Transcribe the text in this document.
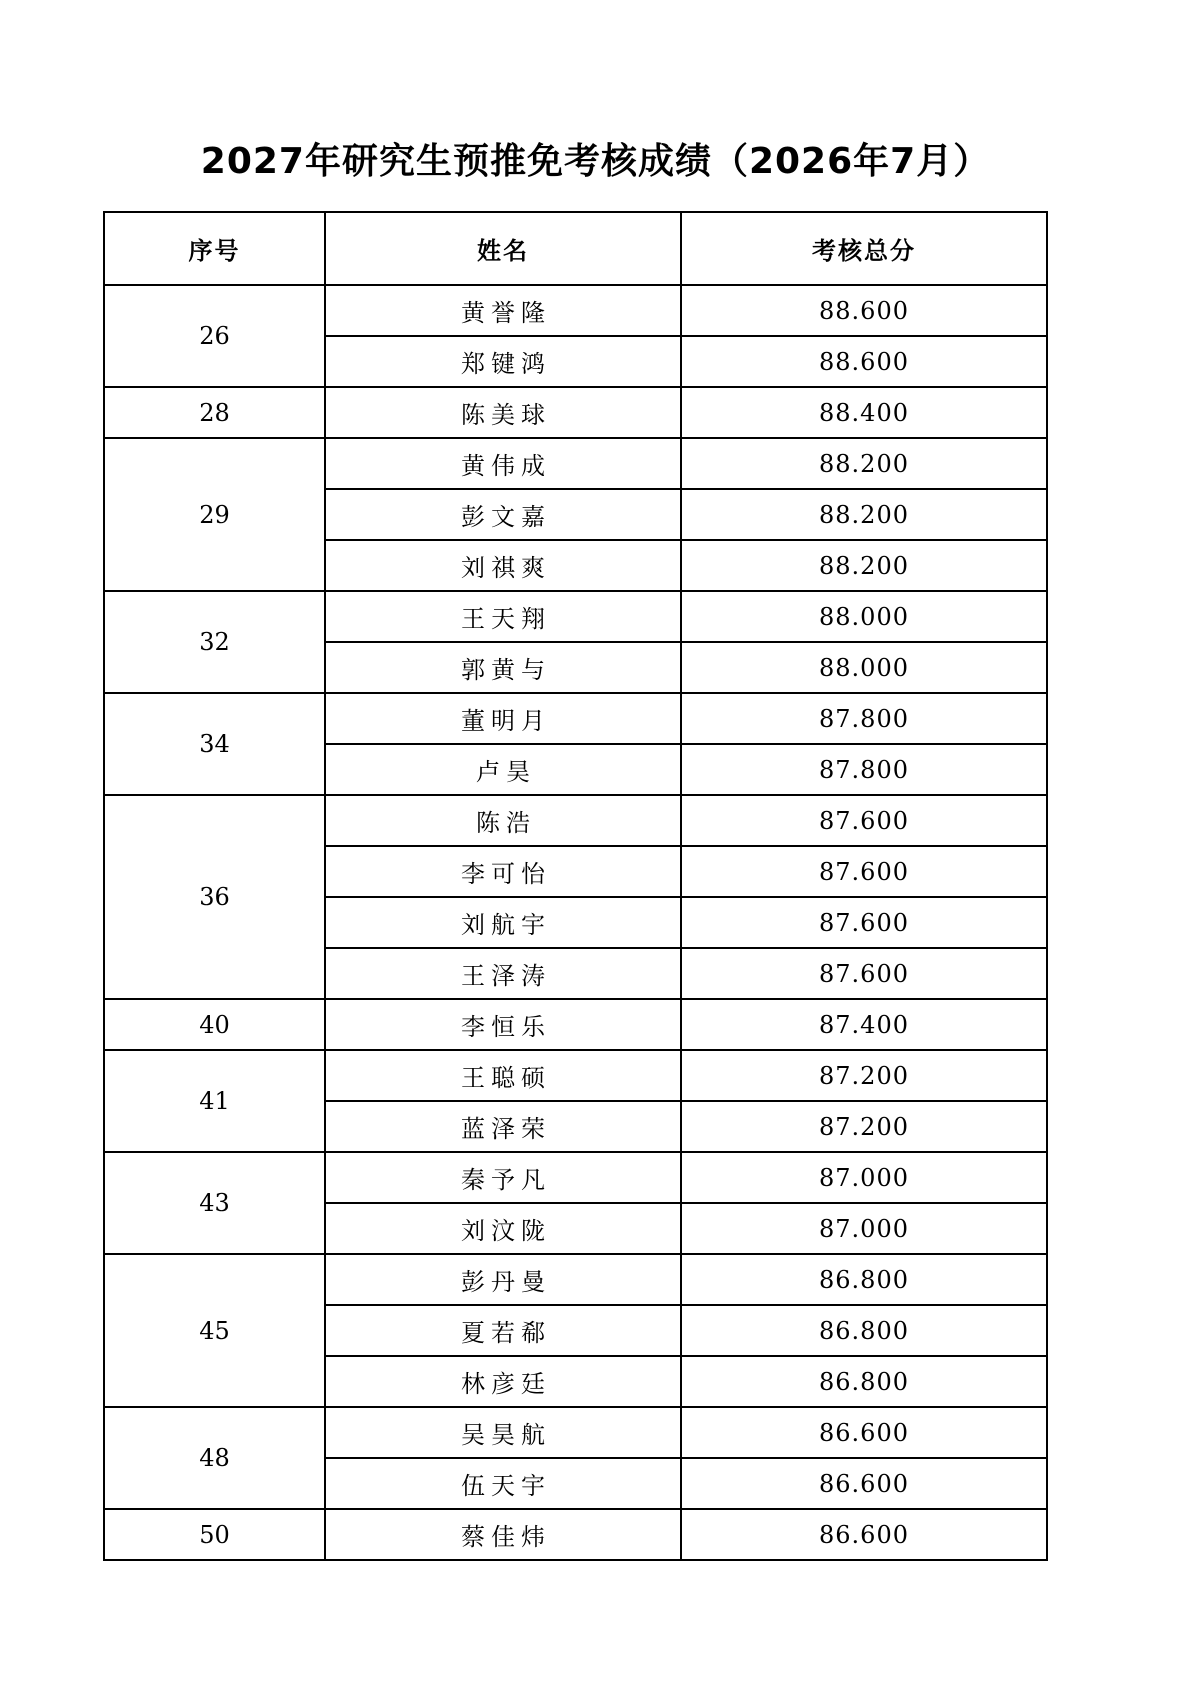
2027年研究生预推免考核成绩（2026年7月）
序号	姓名	考核总分
26	黄誉隆	88.600
	郑键鸿	88.600
28	陈美球	88.400
29	黄伟成	88.200
	彭文嘉	88.200
	刘祺爽	88.200
32	王天翔	88.000
	郭黄与	88.000
34	董明月	87.800
	卢昊	87.800
36	陈浩	87.600
	李可怡	87.600
	刘航宇	87.600
	王泽涛	87.600
40	李恒乐	87.400
41	王聪硕	87.200
	蓝泽荣	87.200
43	秦予凡	87.000
	刘汶陇	87.000
45	彭丹曼	86.800
	夏若郗	86.800
	林彦廷	86.800
48	吴昊航	86.600
	伍天宇	86.600
50	蔡佳炜	86.600
